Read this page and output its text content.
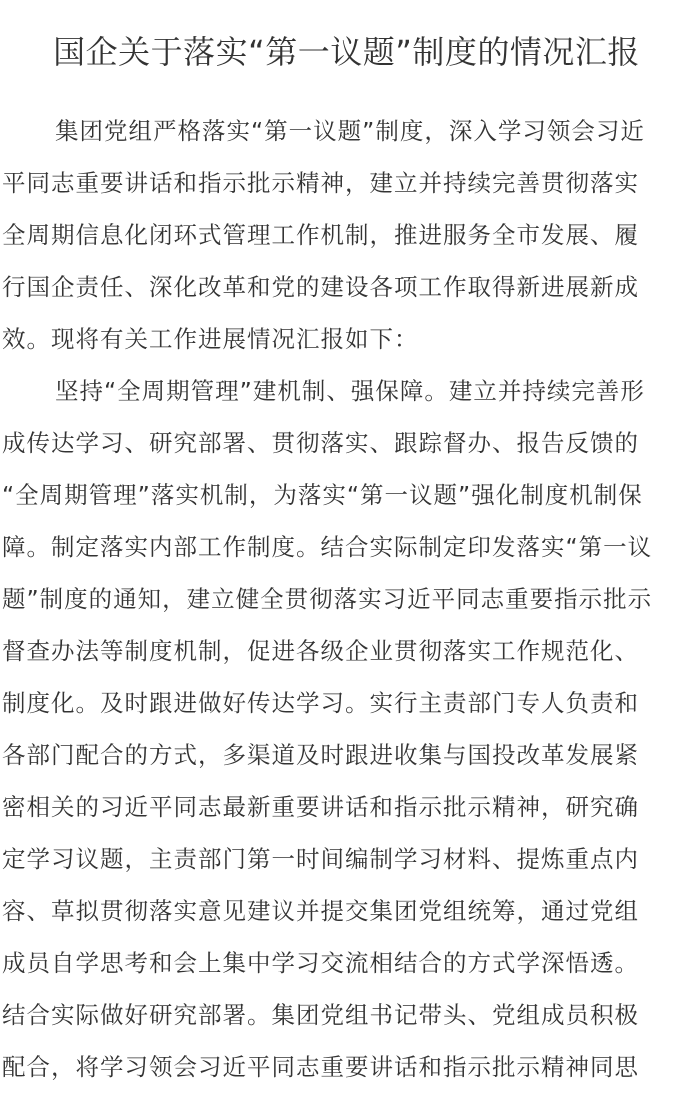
国企关于落实“第一议题”制度的情况汇报
集团党组严格落实“第一议题”制度，深入学习领会习近
平同志重要讲话和指示批示精神，建立并持续完善贯彻落实
全周期信息化闭环式管理工作机制，推进服务全市发展、履
行国企责任、深化改革和党的建设各项工作取得新进展新成
效。现将有关工作进展情况汇报如下：
坚持“全周期管理”建机制、强保障。建立并持续完善形
成传达学习、研究部署、贯彻落实、跟踪督办、报告反馈的
“全周期管理”落实机制，为落实“第一议题”强化制度机制保
障。制定落实内部工作制度。结合实际制定印发落实“第一议
题”制度的通知，建立健全贯彻落实习近平同志重要指示批示
督查办法等制度机制，促进各级企业贯彻落实工作规范化、
制度化。及时跟进做好传达学习。实行主责部门专人负责和
各部门配合的方式，多渠道及时跟进收集与国投改革发展紧
密相关的习近平同志最新重要讲话和指示批示精神，研究确
定学习议题，主责部门第一时间编制学习材料、提炼重点内
容、草拟贯彻落实意见建议并提交集团党组统筹，通过党组
成员自学思考和会上集中学习交流相结合的方式学深悟透。
结合实际做好研究部署。集团党组书记带头、党组成员积极
配合，将学习领会习近平同志重要讲话和指示批示精神同思
